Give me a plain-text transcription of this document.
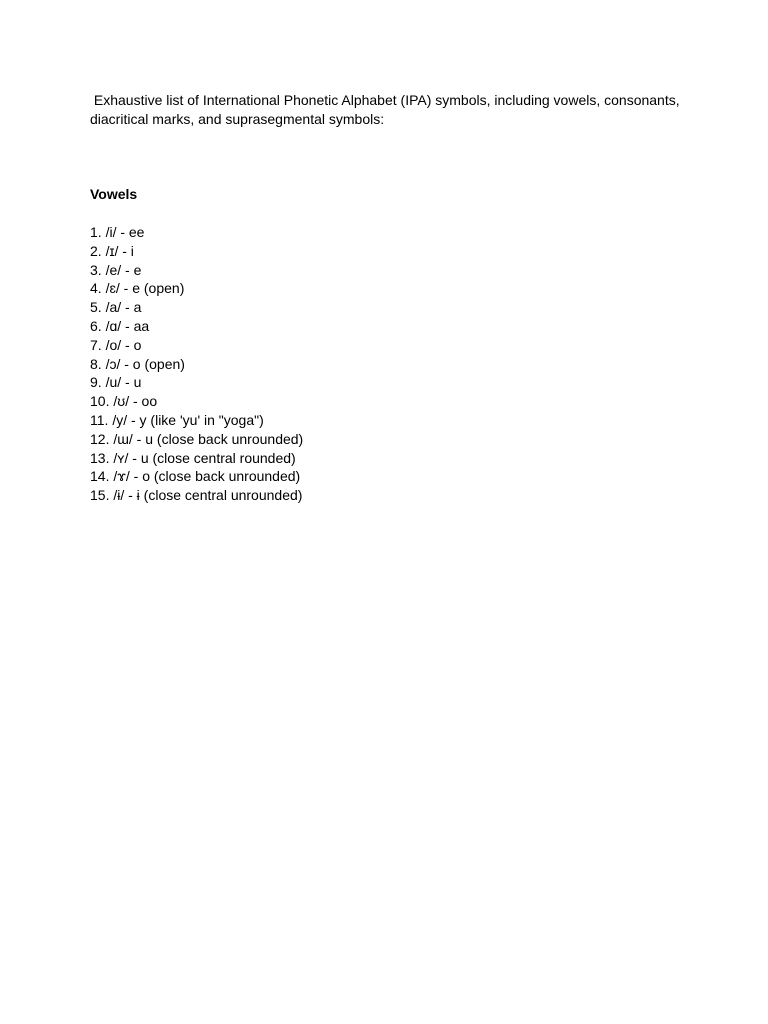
Exhaustive list of International Phonetic Alphabet (IPA) symbols, including vowels, consonants, diacritical marks, and suprasegmental symbols:

Vowels

1. /i/ - ee
2. /ɪ/ - i
3. /e/ - e
4. /ɛ/ - e (open)
5. /a/ - a
6. /ɑ/ - aa
7. /o/ - o
8. /ɔ/ - o (open)
9. /u/ - u
10. /ʊ/ - oo
11. /y/ - y (like 'yu' in "yoga")
12. /ɯ/ - u (close back unrounded)
13. /ʏ/ - u (close central rounded)
14. /ɤ/ - o (close back unrounded)
15. /ɨ/ - ɨ (close central unrounded)
